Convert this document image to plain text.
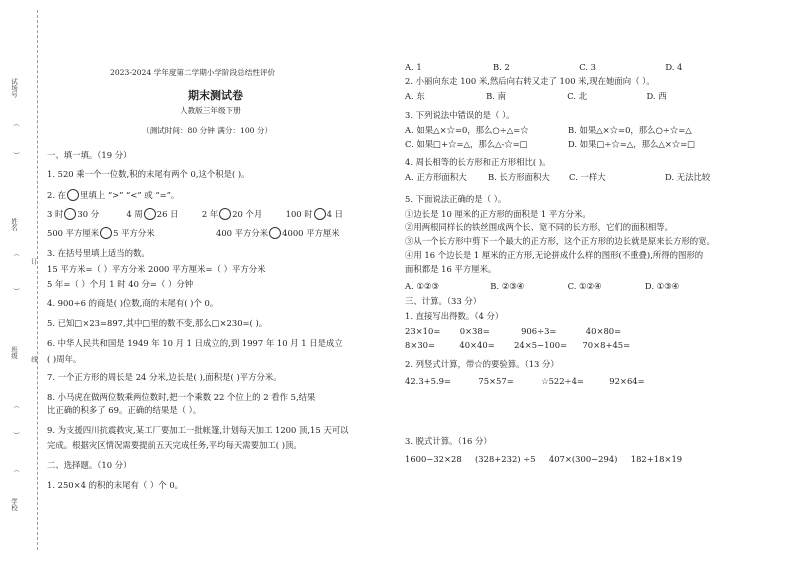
试场号
（
）
姓名
（
订
）
班级
线
（
）
（
学校
2023-2024 学年度第二学期小学阶段总结性评价
期末测试卷
人教版三年级下册
（测试时间：80 分钟 满分：100 分）
一、填一填。（19 分）
1. 520 乘一个一位数,积的末尾有两个 0,这个积是( )。
2. 在 里填上 “>” “<” 或 “=”。
3 时 30 分	4 周 26 日	2 年 20 个月	100 时 4 日
500 平方厘米 5 平方分米	400 平方分米 4000 平方厘米
3. 在括号里填上适当的数。
15 平方米=（ ）平方分米 2000 平方厘米=（ ）平方分米
5 年=（ ）个月 1 时 40 分=（ ）分钟
4. 900÷6 的商是( )位数,商的末尾有( )个 0。
5. 已知□×23=897,其中□里的数不变,那么□×230=( )。
6. 中华人民共和国是 1949 年 10 月 1 日成立的,到 1997 年 10 月 1 日是成立
( )周年。
7. 一个正方形的周长是 24 分米,边长是( ),面积是( )平方分米。
8. 小马虎在做两位数乘两位数时,把一个乘数 22 个位上的 2 看作 5,结果
比正确的积多了 69。正确的结果是（ ）。
9. 为支援四川抗震救灾,某工厂要加工一批帐篷,计划每天加工 1200 顶,15 天可以
完成。根据灾区情况需要提前五天完成任务,平均每天需要加工( )顶。
二、选择题。（10 分）
1. 250×4 的积的末尾有（ ）个 0。
A. 1	B. 2	C. 3	D. 4
2. 小丽向东走 100 米,然后向右转又走了 100 米,现在她面向（ ）。
A. 东	B. 南	C. 北	D. 西
3. 下列说法中错误的是（ ）。
A. 如果△×☆=0，那么○÷△=☆	B. 如果△×☆=0，那么○÷☆=△
C. 如果□+☆=△，那么△-☆=□	D. 如果□÷☆=△，那么△×☆=□
4. 周长相等的长方形和正方形相比( )。
A. 正方形面积大	B. 长方形面积大 C. 一样大	D. 无法比较
5. 下面说法正确的是（ ）。
①边长是 10 厘米的正方形的面积是 1 平方分米。
②用两根同样长的铁丝围成两个长、宽不同的长方形，它们的面积相等。
③从一个长方形中剪下一个最大的正方形，这个正方形的边长就是原来长方形的宽。
④用 16 个边长是 1 厘米的正方形,无论拼成什么样的图形(不重叠),所得的图形的
面积都是 16 平方厘米。
A. ①②③	B. ②③④	C. ①②④	D. ①③④
三、计算。（33 分）
1. 直接写出得数。（4 分）
23×10= 0×38=	906÷3=	40×80=
8×30=	40×40= 24×5−100= 70×8+45=
2. 列竖式计算，带☆的要验算。（13 分）
42.3+5.9=	75×57=	☆522÷4=	92×64=
3. 脱式计算。（16 分）
1600−32×28 (328+232) ÷5 407×(300−294) 182+18×19
